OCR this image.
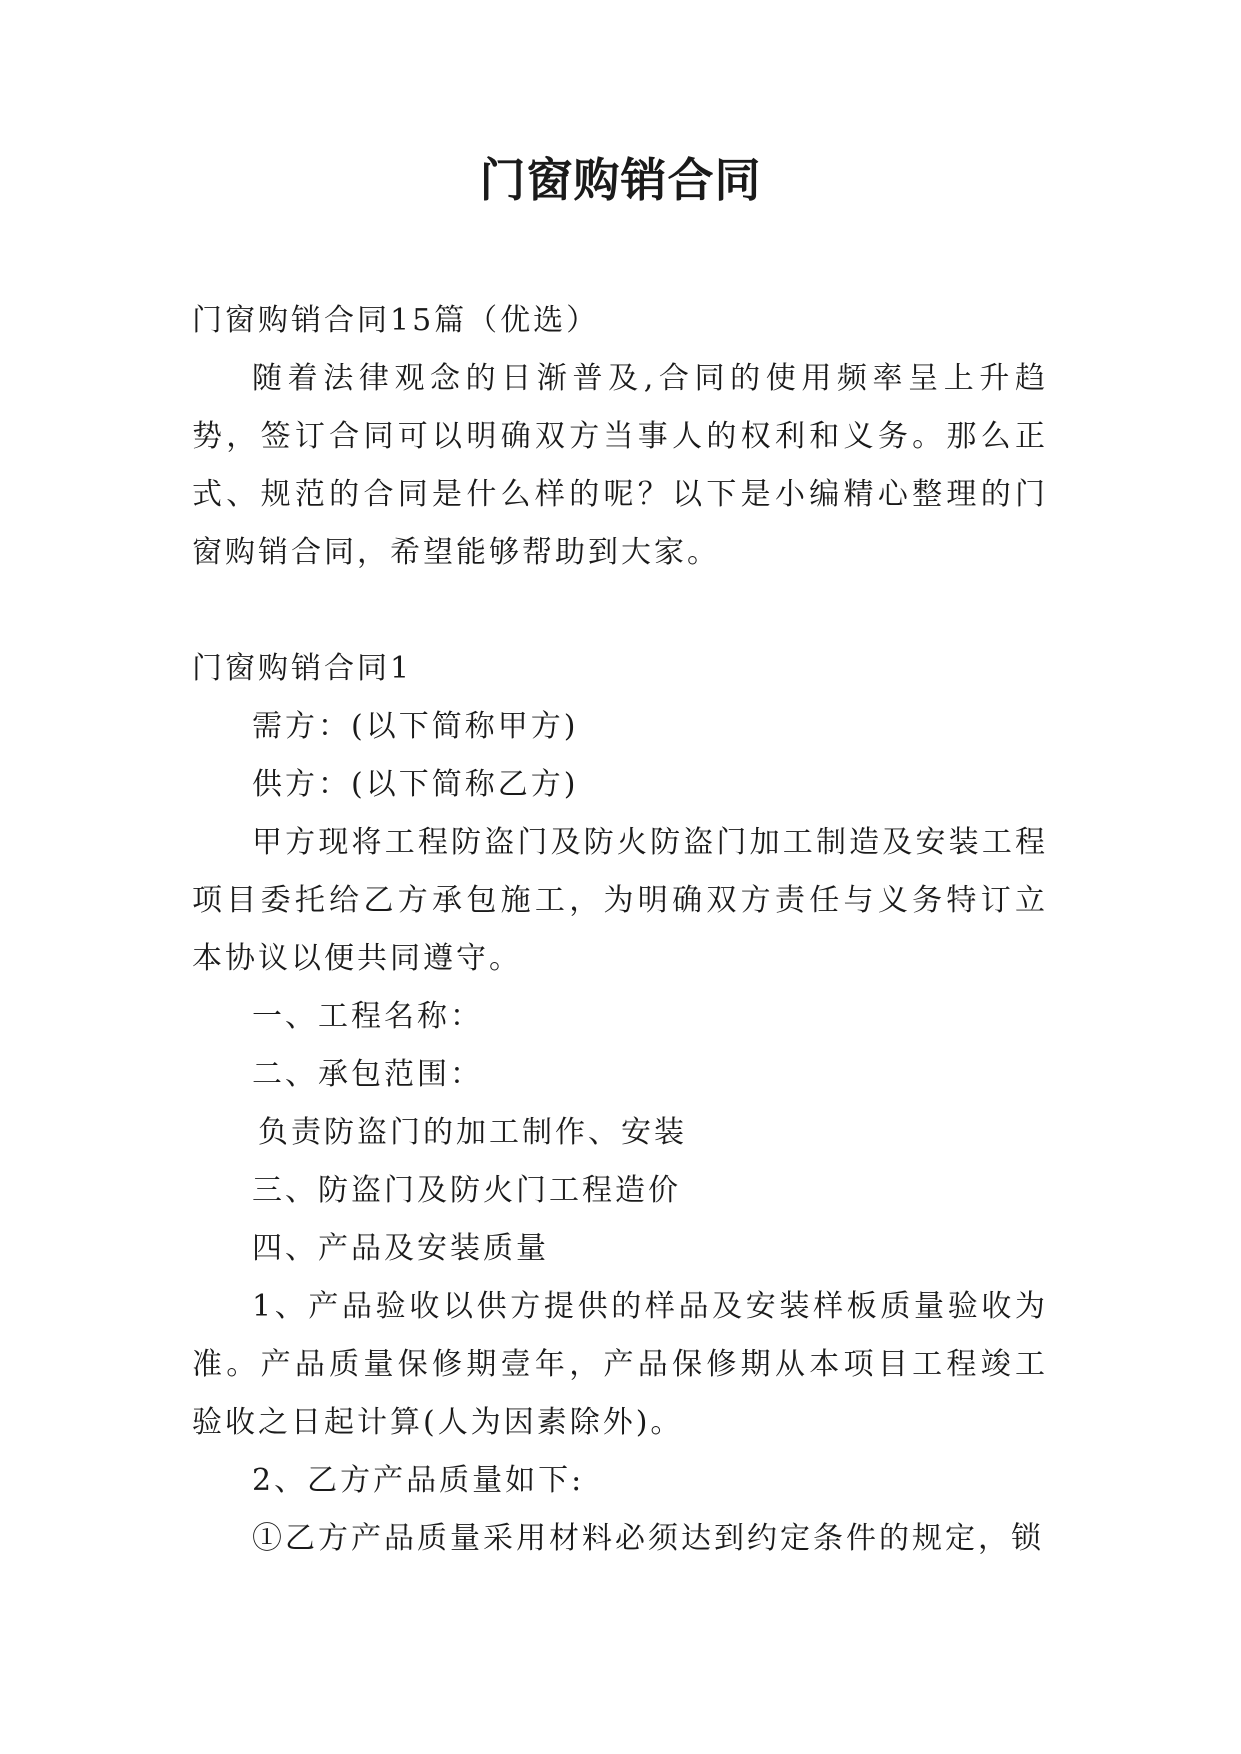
门窗购销合同

门窗购销合同15篇（优选）

随着法律观念的日渐普及,合同的使用频率呈上升趋势，签订合同可以明确双方当事人的权利和义务。那么正式、规范的合同是什么样的呢？以下是小编精心整理的门窗购销合同，希望能够帮助到大家。

门窗购销合同1

需方：(以下简称甲方)

供方：(以下简称乙方)

甲方现将工程防盗门及防火防盗门加工制造及安装工程项目委托给乙方承包施工，为明确双方责任与义务特订立本协议以便共同遵守。

一、工程名称：

二、承包范围：

负责防盗门的加工制作、安装

三、防盗门及防火门工程造价

四、产品及安装质量

1、产品验收以供方提供的样品及安装样板质量验收为准。产品质量保修期壹年，产品保修期从本项目工程竣工验收之日起计算(人为因素除外)。

2、乙方产品质量如下:

①乙方产品质量采用材料必须达到约定条件的规定，锁
